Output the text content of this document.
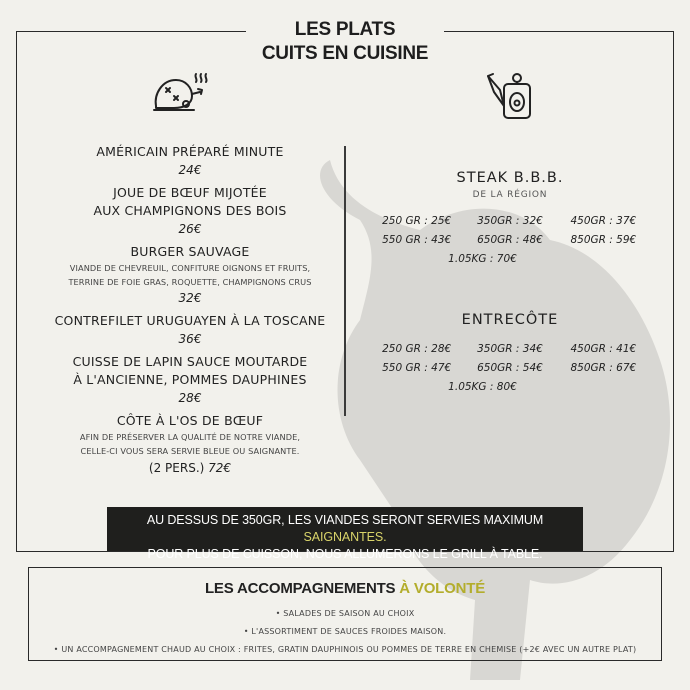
LES PLATS
CUITS EN CUISINE
AMÉRICAIN PRÉPARÉ MINUTE
24€
JOUE DE BŒUF MIJOTÉE
AUX CHAMPIGNONS DES BOIS
26€
BURGER SAUVAGE
VIANDE DE CHEVREUIL, CONFITURE OIGNONS ET FRUITS,
TERRINE DE FOIE GRAS, ROQUETTE, CHAMPIGNONS CRUS
32€
CONTREFILET URUGUAYEN À LA TOSCANE
36€
CUISSE DE LAPIN SAUCE MOUTARDE
À L'ANCIENNE, POMMES DAUPHINES
28€
CÔTE À L'OS DE BŒUF
AFIN DE PRÉSERVER LA QUALITÉ DE NOTRE VIANDE,
CELLE-CI VOUS SERA SERVIE BLEUE OU SAIGNANTE.
(2 PERS.) 72€
STEAK B.B.B.
DE LA RÉGION
250 GR : 25€	350GR : 32€	450GR : 37€
550 GR : 43€	650GR : 48€	850GR : 59€
1.05KG : 70€
ENTRECÔTE
250 GR : 28€	350GR : 34€	450GR : 41€
550 GR : 47€	650GR : 54€	850GR : 67€
1.05KG : 80€
AU DESSUS DE 350GR, LES VIANDES SERONT SERVIES MAXIMUM SAIGNANTES.
POUR PLUS DE CUISSON, NOUS ALLUMERONS LE GRILL À TABLE.
LES ACCOMPAGNEMENTS À VOLONTÉ
• SALADES DE SAISON AU CHOIX
• L'ASSORTIMENT DE SAUCES FROIDES MAISON.
• UN ACCOMPAGNEMENT CHAUD AU CHOIX : FRITES, GRATIN DAUPHINOIS OU POMMES DE TERRE EN CHEMISE (+2€ AVEC UN AUTRE PLAT)
